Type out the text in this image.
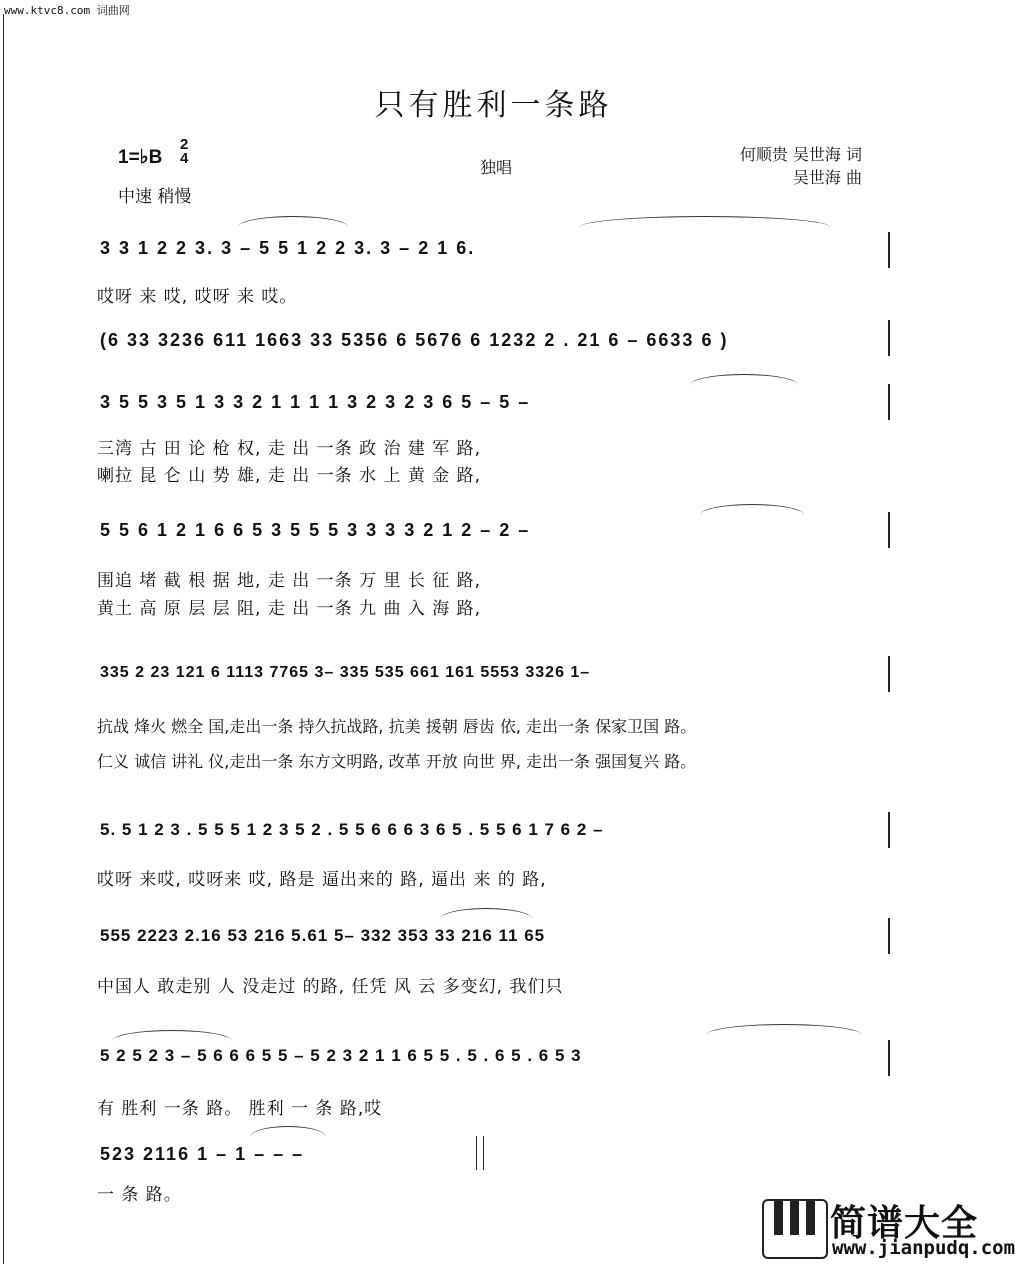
www.ktvc8.com 词曲网
只有胜利一条路
1=♭B
2
4
中速 稍慢
独唱
何顺贵 吴世海 词
吴世海 曲
3 3 1 2 2 3. 3 – 5 5 1 2 2 3. 3 – 2 1 6.
哎呀 来 哎, 哎呀 来 哎。
(6 33 3236 611 1663 33 5356 6 5676 6 1232 2 . 21 6 – 6633 6 )
3 5 5 3 5 1 3 3 2 1 1 1 1 3 2 3 2 3 6 5 – 5 –
三湾 古 田 论 枪 权, 走 出 一条 政 治 建 军 路,
喇拉 昆 仑 山 势 雄, 走 出 一条 水 上 黄 金 路,
5 5 6 1 2 1 6 6 5 3 5 5 5 3 3 3 3 2 1 2 – 2 –
围追 堵 截 根 据 地, 走 出 一条 万 里 长 征 路,
黄土 高 原 层 层 阻, 走 出 一条 九 曲 入 海 路,
335 2 23 121 6 1113 7765 3– 335 535 661 161 5553 3326 1–
抗战 烽火 燃全 国,走出一条 持久抗战路, 抗美 援朝 唇齿 依, 走出一条 保家卫国 路。
仁义 诚信 讲礼 仪,走出一条 东方文明路, 改革 开放 向世 界, 走出一条 强国复兴 路。
5. 5 1 2 3 . 5 5 5 1 2 3 5 2 . 5 5 6 6 6 3 6 5 . 5 5 6 1 7 6 2 –
哎呀 来哎, 哎呀来 哎, 路是 逼出来的 路, 逼出 来 的 路,
555 2223 2.16 53 216 5.61 5– 332 353 33 216 11 65
中国人 敢走别 人 没走过 的路, 任凭 风 云 多变幻, 我们只
5 2 5 2 3 – 5 6 6 6 5 5 – 5 2 3 2 1 1 6 5 5 . 5 . 6 5 . 6 5 3
有 胜利 一条 路。 胜利 一 条 路,哎
523 2116 1 – 1 – – –
一 条 路。
简谱大全
www.jianpudq.com
